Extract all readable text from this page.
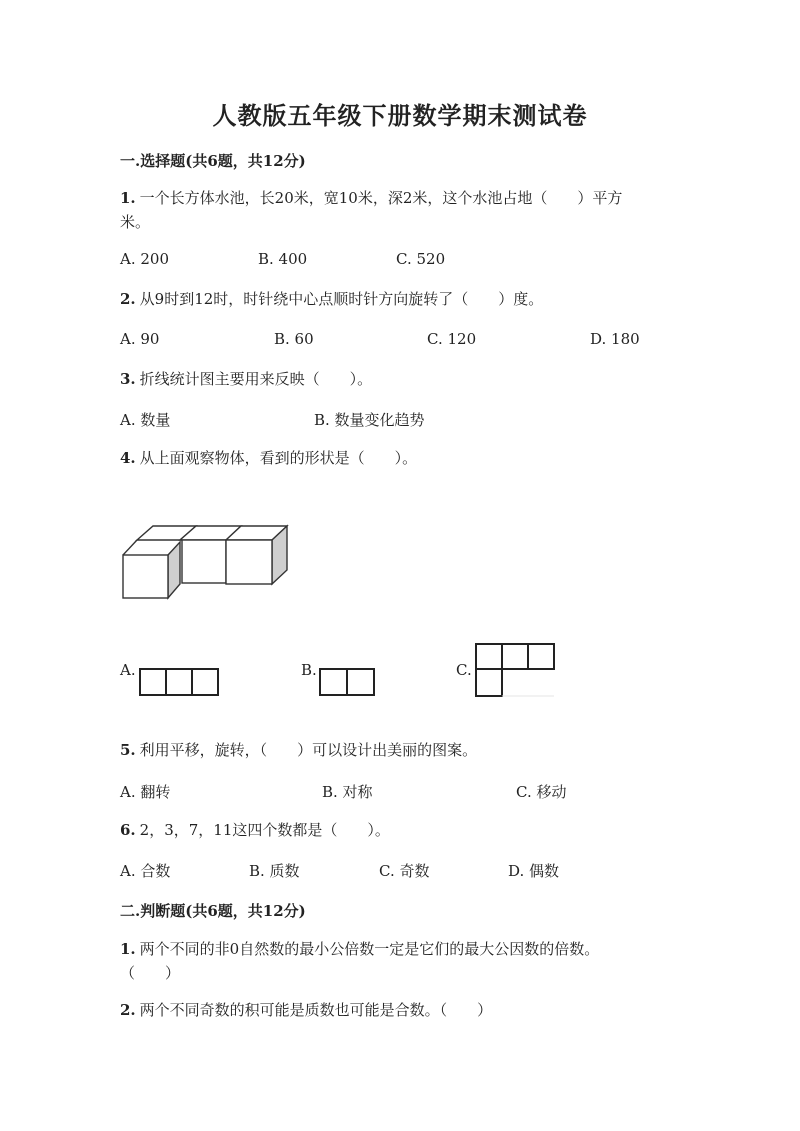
人教版五年级下册数学期末测试卷
一.选择题(共6题，共12分)
1. 一个长方体水池，长20米，宽10米，深2米，这个水池占地（　　）平方
米。
A. 200	B. 400	C. 520
2. 从9时到12时，时针绕中心点顺时针方向旋转了（　　）度。
A. 90	B. 60	C. 120	D. 180
3. 折线统计图主要用来反映（　　）。
A. 数量	B. 数量变化趋势
4. 从上面观察物体，看到的形状是（　　）。
A.	B.	C.
5. 利用平移，旋转，（　　）可以设计出美丽的图案。
A. 翻转	B. 对称	C. 移动
6. 2，3，7，11这四个数都是（　　）。
A. 合数	B. 质数	C. 奇数	D. 偶数
二.判断题(共6题，共12分)
1. 两个不同的非0自然数的最小公倍数一定是它们的最大公因数的倍数。
（　　）
2. 两个不同奇数的积可能是质数也可能是合数。（　　）
